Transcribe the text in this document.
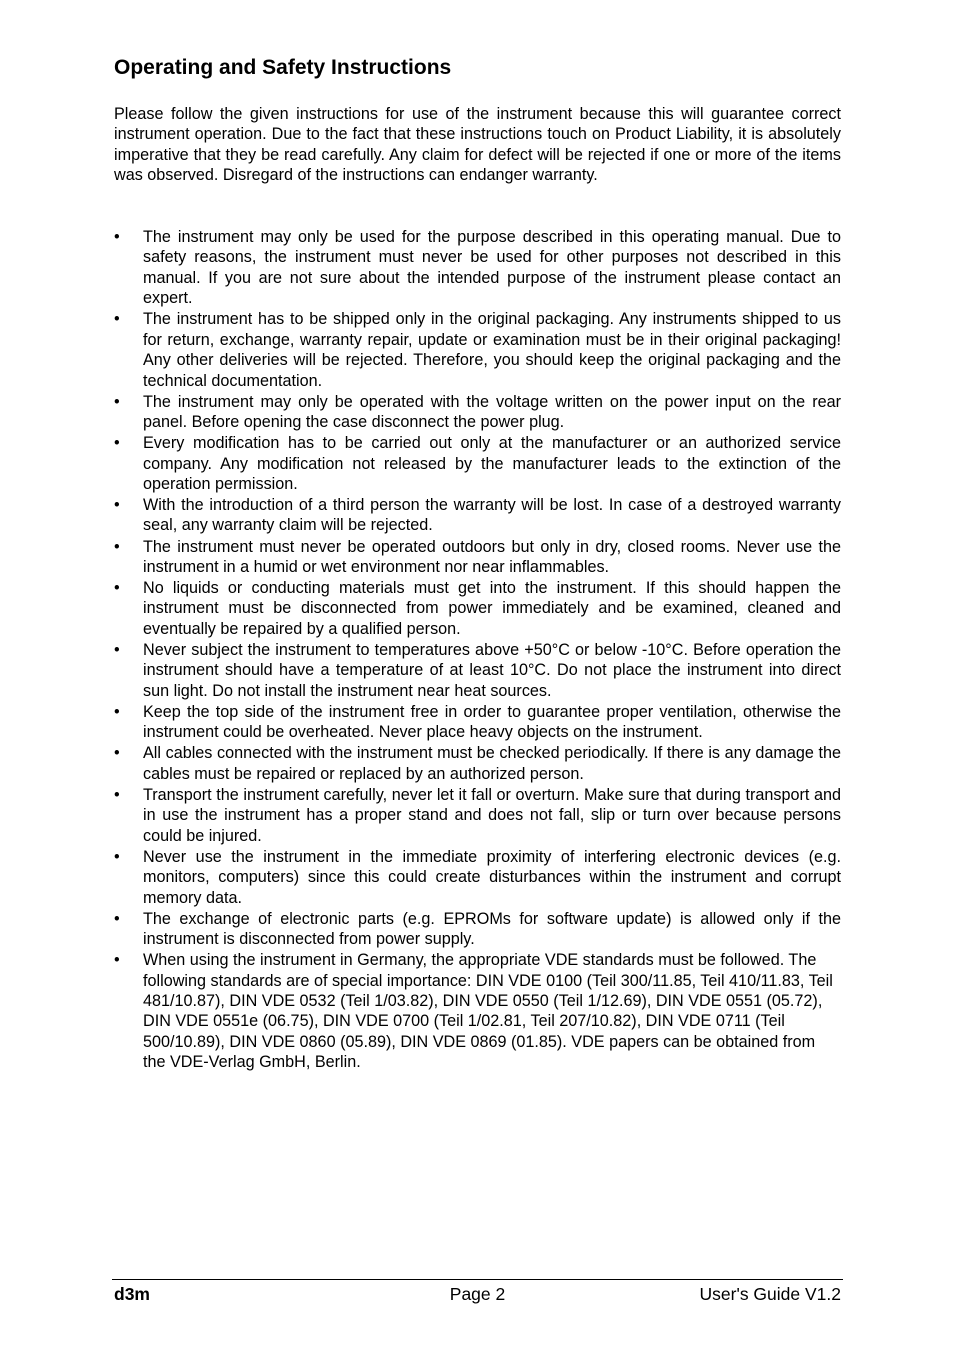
Operating and Safety Instructions

Please follow the given instructions for use of the instrument because this will guarantee correct instrument operation. Due to the fact that these instructions touch on Product Liability, it is absolutely imperative that they be read carefully. Any claim for defect will be rejected if one or more of the items was observed. Disregard of the instructions can endanger warranty.

•	The instrument may only be used for the purpose described in this operating manual. Due to safety reasons, the instrument must never be used for other purposes not described in this manual. If you are not sure about the intended purpose of the instrument please contact an expert.
•	The instrument has to be shipped only in the original packaging. Any instruments shipped to us for return, exchange, warranty repair, update or examination must be in their original packaging! Any other deliveries will be rejected. Therefore, you should keep the original packaging and the technical documentation.
•	The instrument may only be operated with the voltage written on the power input on the rear panel. Before opening the case disconnect the power plug.
•	Every modification has to be carried out only at the manufacturer or an authorized service company. Any modification not released by the manufacturer leads to the extinction of the operation permission.
•	With the introduction of a third person the warranty will be lost. In case of a destroyed warranty seal, any warranty claim will be rejected.
•	The instrument must never be operated outdoors but only in dry, closed rooms. Never use the instrument in a humid or wet environment nor near inflammables.
•	No liquids or conducting materials must get into the instrument. If this should happen the instrument must be disconnected from power immediately and be examined, cleaned and eventually be repaired by a qualified person.
•	Never subject the instrument to temperatures above +50°C or below -10°C. Before operation the instrument should have a temperature of at least 10°C. Do not place the instrument into direct sun light. Do not install the instrument near heat sources.
•	Keep the top side of the instrument free in order to guarantee proper ventilation, otherwise the instrument could be overheated. Never place heavy objects on the instrument.
•	All cables connected with the instrument must be checked periodically. If there is any damage the cables must be repaired or replaced by an authorized person.
•	Transport the instrument carefully, never let it fall or overturn. Make sure that during transport and in use the instrument has a proper stand and does not fall, slip or turn over because persons could be injured.
•	Never use the instrument in the immediate proximity of interfering electronic devices (e.g. monitors, computers) since this could create disturbances within the instrument and corrupt memory data.
•	The exchange of electronic parts (e.g. EPROMs for software update) is allowed only if the instrument is disconnected from power supply.
•	When using the instrument in Germany, the appropriate VDE standards must be followed. The following standards are of special importance: DIN VDE 0100 (Teil 300/11.85, Teil 410/11.83, Teil 481/10.87), DIN VDE 0532 (Teil 1/03.82), DIN VDE 0550 (Teil 1/12.69), DIN VDE 0551 (05.72), DIN VDE 0551e (06.75), DIN VDE 0700 (Teil 1/02.81, Teil 207/10.82), DIN VDE 0711 (Teil 500/10.89), DIN VDE 0860 (05.89), DIN VDE 0869 (01.85). VDE papers can be obtained from the VDE-Verlag GmbH, Berlin.
d3m	Page 2	User's Guide V1.2
